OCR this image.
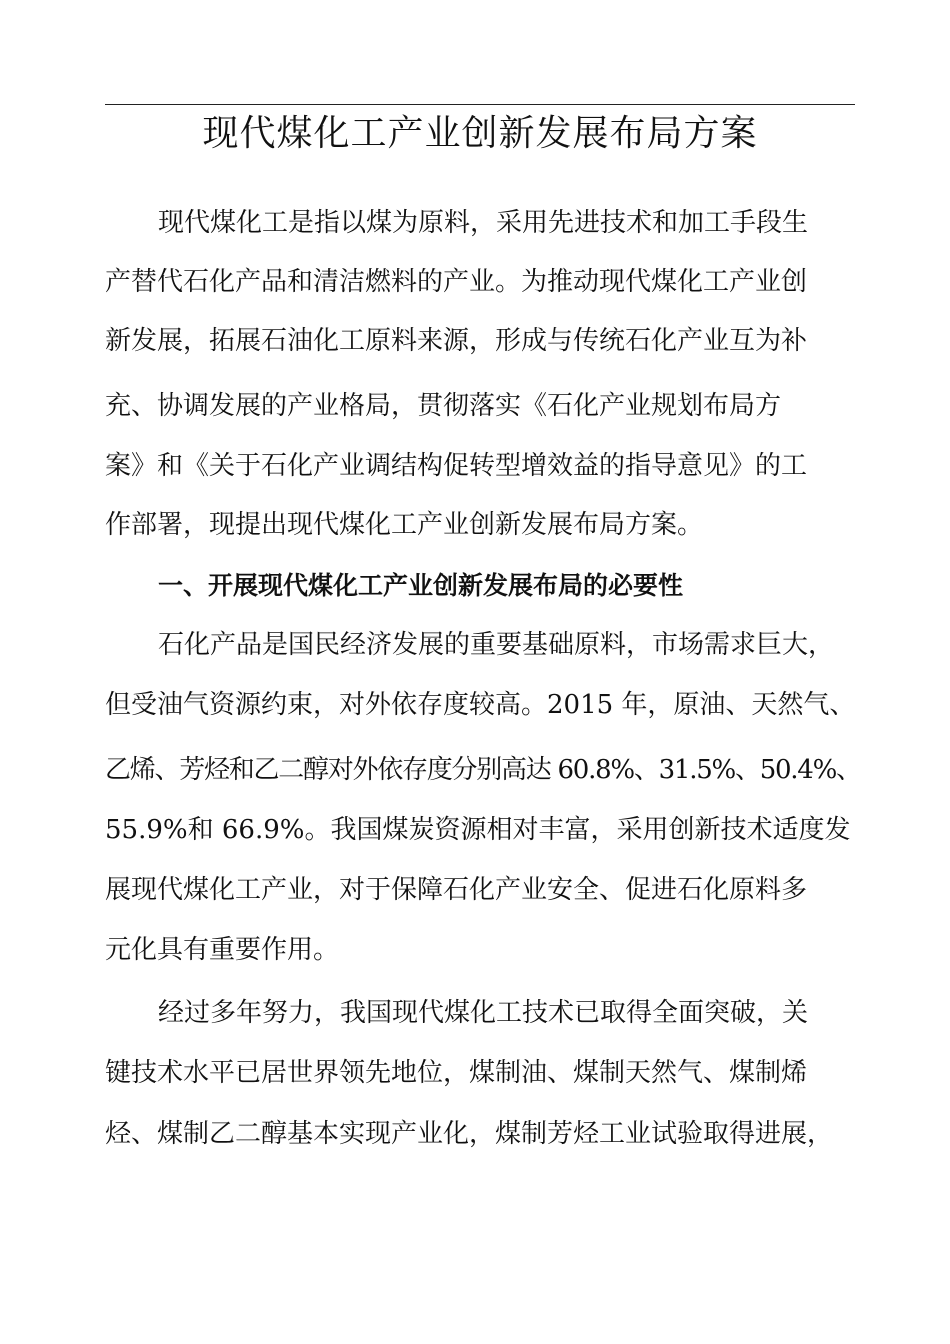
现代煤化工产业创新发展布局方案
现代煤化工是指以煤为原料，采用先进技术和加工手段生
产替代石化产品和清洁燃料的产业。为推动现代煤化工产业创
新发展，拓展石油化工原料来源，形成与传统石化产业互为补
充、协调发展的产业格局，贯彻落实《石化产业规划布局方
案》和《关于石化产业调结构促转型增效益的指导意见》的工
作部署，现提出现代煤化工产业创新发展布局方案。
一、开展现代煤化工产业创新发展布局的必要性
石化产品是国民经济发展的重要基础原料，市场需求巨大，
但受油气资源约束，对外依存度较高。2015 年，原油、天然气、
乙烯、芳烃和乙二醇对外依存度分别高达 60.8%、31.5%、50.4%、
55.9%和 66.9%。我国煤炭资源相对丰富，采用创新技术适度发
展现代煤化工产业，对于保障石化产业安全、促进石化原料多
元化具有重要作用。
经过多年努力，我国现代煤化工技术已取得全面突破，关
键技术水平已居世界领先地位，煤制油、煤制天然气、煤制烯
烃、煤制乙二醇基本实现产业化，煤制芳烃工业试验取得进展，
